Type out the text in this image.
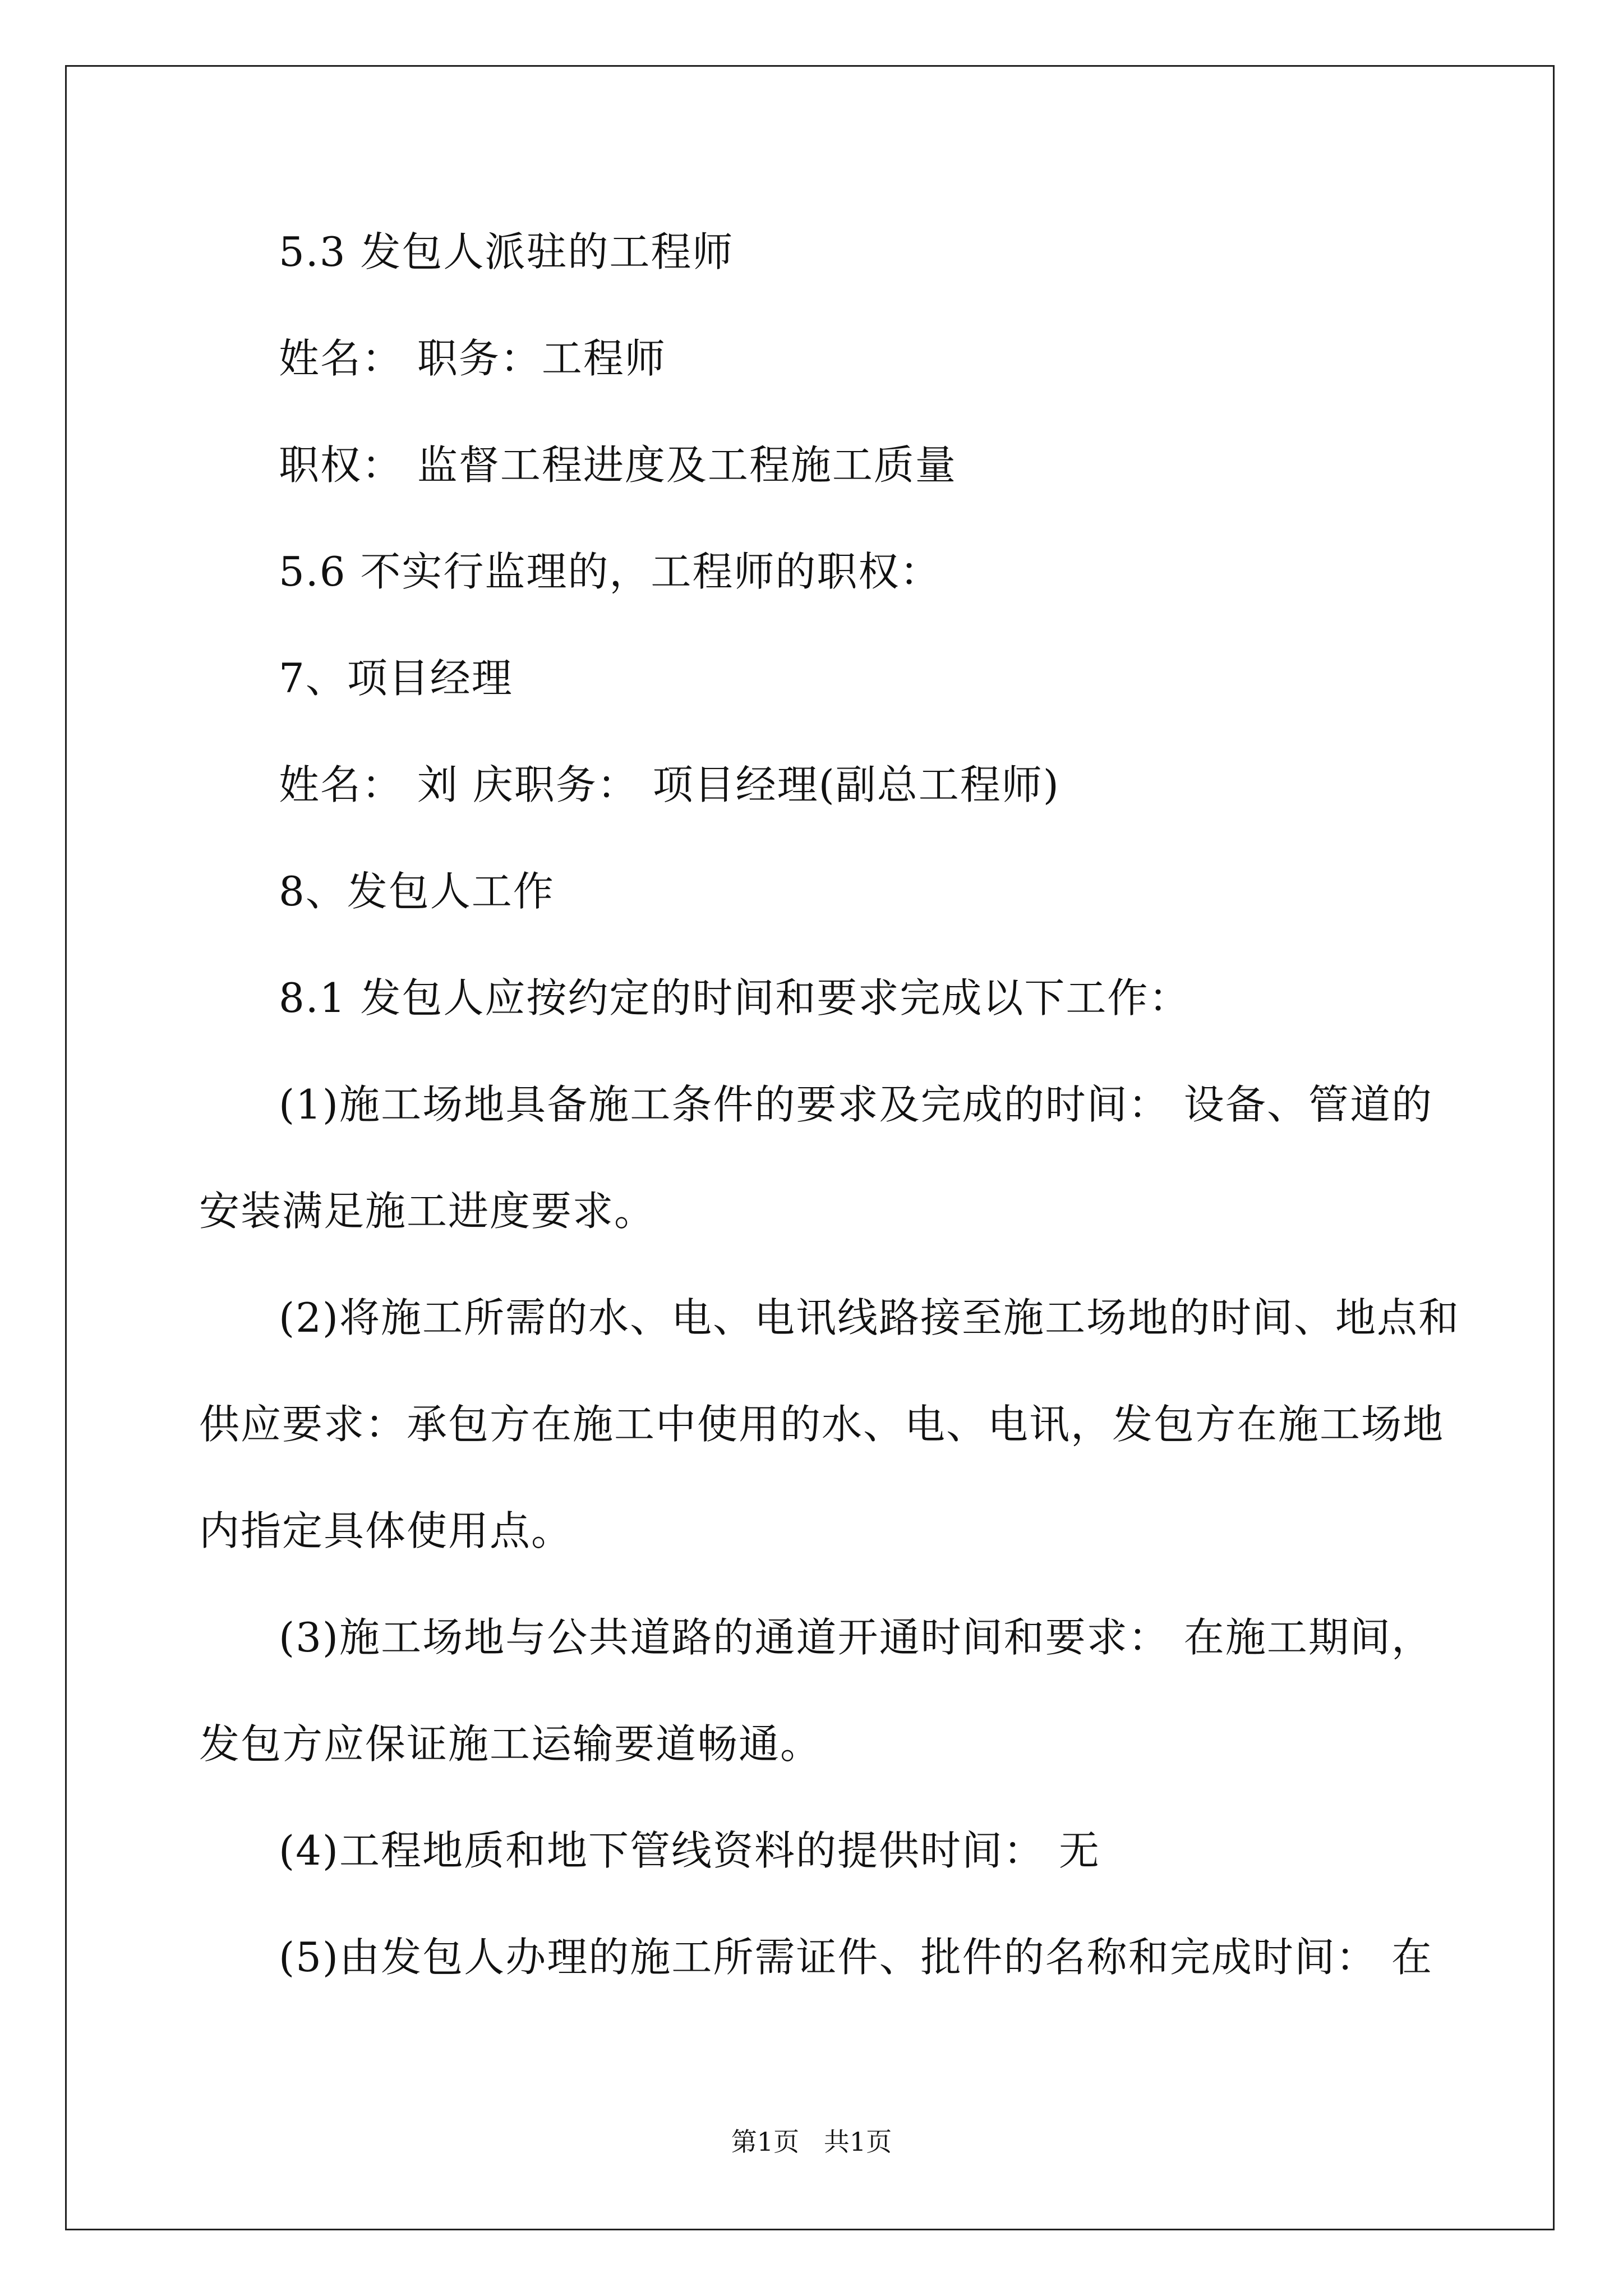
5.3 发包人派驻的工程师
姓名： 职务：工程师
职权： 监督工程进度及工程施工质量
5.6 不实行监理的，工程师的职权：
7、项目经理
姓名： 刘 庆职务： 项目经理(副总工程师)
8、发包人工作
8.1 发包人应按约定的时间和要求完成以下工作：
(1)施工场地具备施工条件的要求及完成的时间： 设备、管道的
安装满足施工进度要求。
(2)将施工所需的水、电、电讯线路接至施工场地的时间、地点和
供应要求：承包方在施工中使用的水、电、电讯，发包方在施工场地
内指定具体使用点。
(3)施工场地与公共道路的通道开通时间和要求： 在施工期间，
发包方应保证施工运输要道畅通。
(4)工程地质和地下管线资料的提供时间： 无
(5)由发包人办理的施工所需证件、批件的名称和完成时间： 在
第1页   共1页
